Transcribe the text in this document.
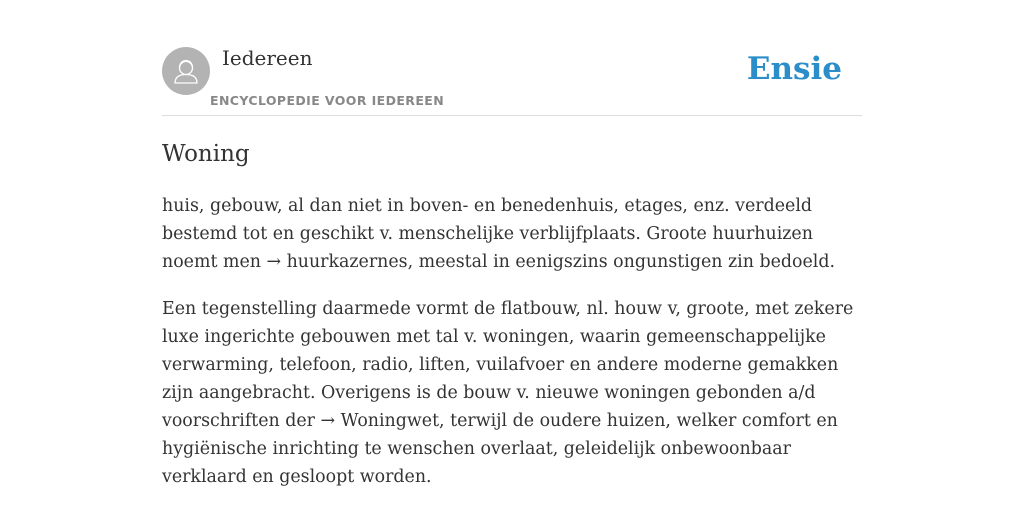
Iedereen
ENCYCLOPEDIE VOOR IEDEREEN
Ensie
Woning

huis, gebouw, al dan niet in boven- en benedenhuis, etages, enz. verdeeld bestemd tot en geschikt v. menschelijke verblijfplaats. Groote huurhuizen noemt men → huurkazernes, meestal in eenigszins ongunstigen zin bedoeld.

Een tegenstelling daarmede vormt de flatbouw, nl. houw v, groote, met zekere luxe ingerichte gebouwen met tal v. woningen, waarin gemeenschappelijke verwarming, telefoon, radio, liften, vuilafvoer en andere moderne gemakken zijn aangebracht. Overigens is de bouw v. nieuwe woningen gebonden a/d voorschriften der → Woningwet, terwijl de oudere huizen, welker comfort en hygiënische inrichting te wenschen overlaat, geleidelijk onbewoonbaar verklaard en gesloopt worden.
